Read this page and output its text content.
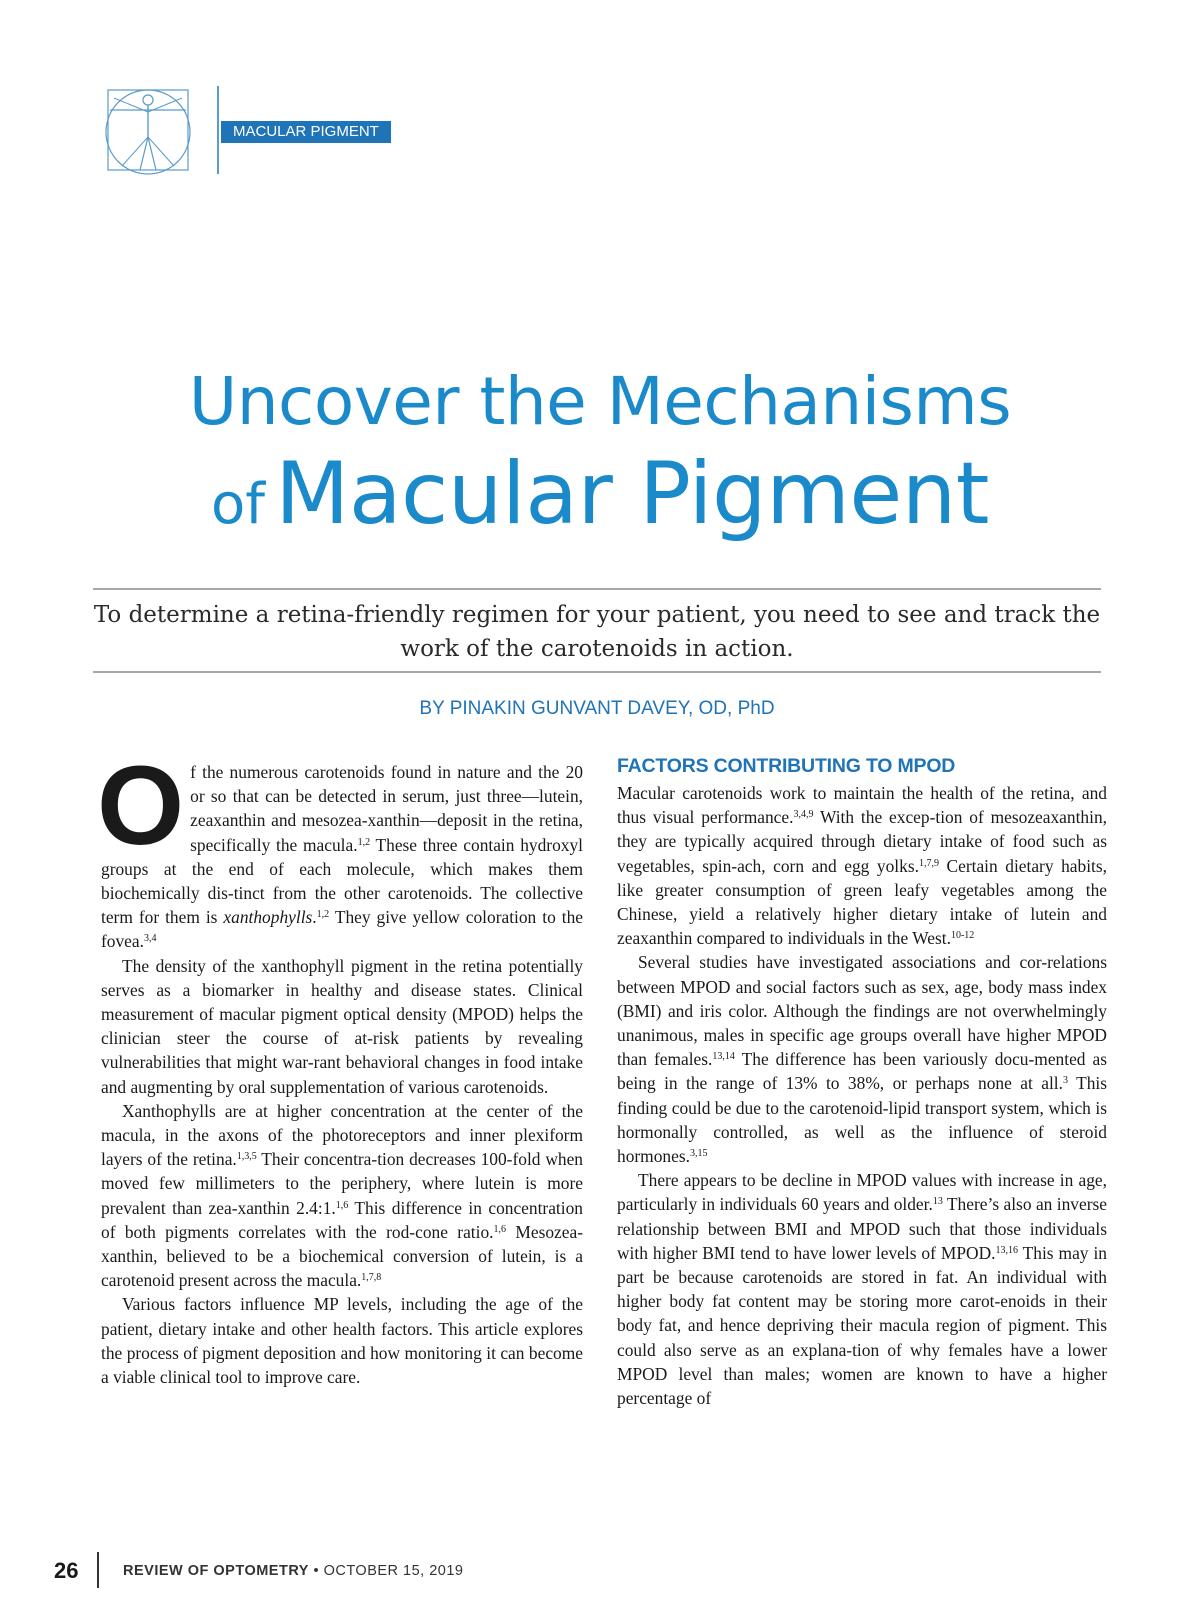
MACULAR PIGMENT
Uncover the Mechanisms
of Macular Pigment

To determine a retina-friendly regimen for your patient, you need to see and track the work of the carotenoids in action.

BY PINAKIN GUNVANT DAVEY, OD, PhD

Of the numerous carotenoids found in nature and the 20 or so that can be detected in serum, just three—lutein, zeaxanthin and mesozea-xanthin—deposit in the retina, specifically the macula.$^{1,2}$ These three contain hydroxyl groups at the end of each molecule, which makes them biochemically dis-tinct from the other carotenoids. The collective term for them is xanthophylls.$^{1,2}$ They give yellow coloration to the fovea.$^{3,4}$

The density of the xanthophyll pigment in the retina potentially serves as a biomarker in healthy and disease states. Clinical measurement of macular pigment optical density (MPOD) helps the clinician steer the course of at-risk patients by revealing vulnerabilities that might war-rant behavioral changes in food intake and augmenting by oral supplementation of various carotenoids.

Xanthophylls are at higher concentration at the center of the macula, in the axons of the photoreceptors and inner plexiform layers of the retina.$^{1,3,5}$ Their concentra-tion decreases 100-fold when moved few millimeters to the periphery, where lutein is more prevalent than zea-xanthin 2.4:1.$^{1,6}$ This difference in concentration of both pigments correlates with the rod-cone ratio.$^{1,6}$ Mesozea-xanthin, believed to be a biochemical conversion of lutein, is a carotenoid present across the macula.$^{1,7,8}$

Various factors influence MP levels, including the age of the patient, dietary intake and other health factors. This article explores the process of pigment deposition and how monitoring it can become a viable clinical tool to improve care.

FACTORS CONTRIBUTING TO MPOD

Macular carotenoids work to maintain the health of the retina, and thus visual performance.$^{3,4,9}$ With the excep-tion of mesozeaxanthin, they are typically acquired through dietary intake of food such as vegetables, spin-ach, corn and egg yolks.$^{1,7,9}$ Certain dietary habits, like greater consumption of green leafy vegetables among the Chinese, yield a relatively higher dietary intake of lutein and zeaxanthin compared to individuals in the West.$^{10-12}$

Several studies have investigated associations and cor-relations between MPOD and social factors such as sex, age, body mass index (BMI) and iris color. Although the findings are not overwhelmingly unanimous, males in specific age groups overall have higher MPOD than females.$^{13,14}$ The difference has been variously docu-mented as being in the range of 13% to 38%, or perhaps none at all.$^3$ This finding could be due to the carotenoid-lipid transport system, which is hormonally controlled, as well as the influence of steroid hormones.$^{3,15}$

There appears to be decline in MPOD values with increase in age, particularly in individuals 60 years and older.$^{13}$ There’s also an inverse relationship between BMI and MPOD such that those individuals with higher BMI tend to have lower levels of MPOD.$^{13,16}$ This may in part be because carotenoids are stored in fat. An individual with higher body fat content may be storing more carot-enoids in their body fat, and hence depriving their macula region of pigment. This could also serve as an explana-tion of why females have a lower MPOD level than males; women are known to have a higher percentage of

26	REVIEW OF OPTOMETRY • OCTOBER 15, 2019
